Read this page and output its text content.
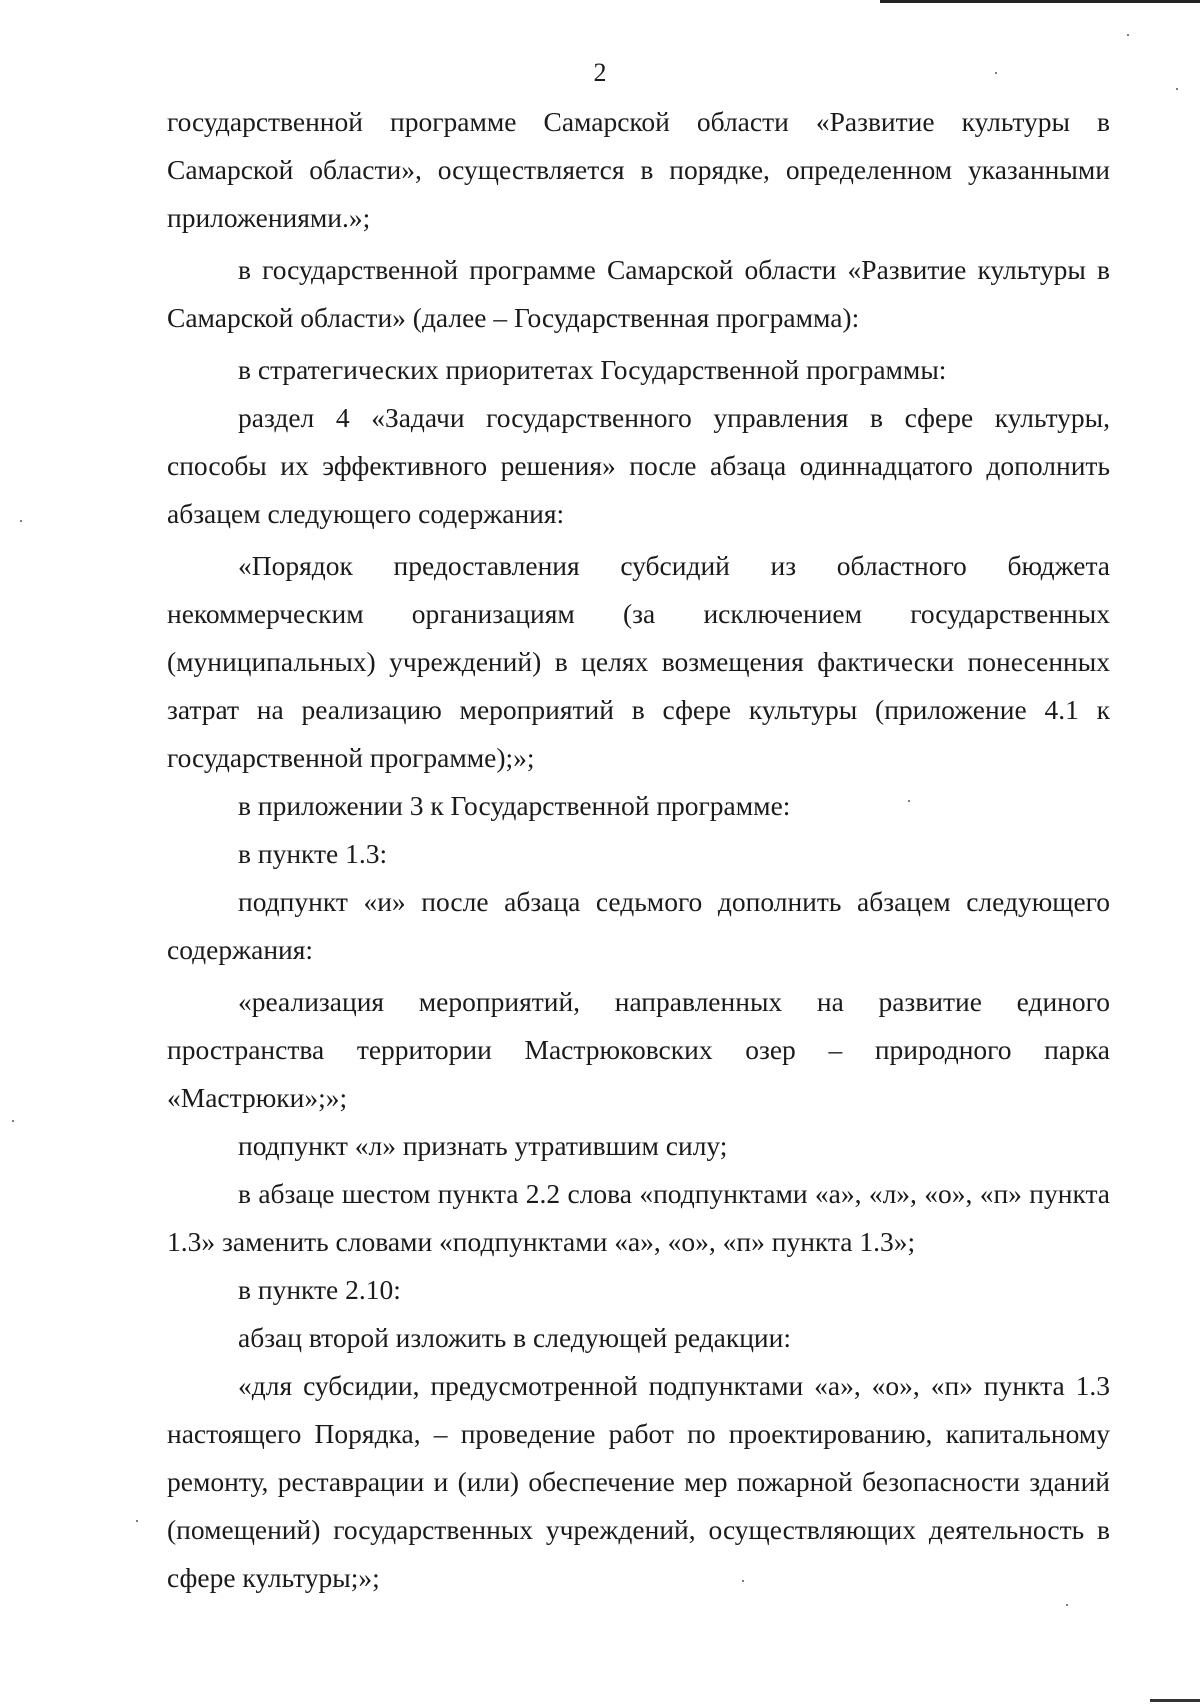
2

государственной программе Самарской области «Развитие культуры в Самарской области», осуществляется в порядке, определенном указанными приложениями.»;

в государственной программе Самарской области «Развитие культуры в Самарской области» (далее – Государственная программа):

в стратегических приоритетах Государственной программы:

раздел 4 «Задачи государственного управления в сфере культуры, способы их эффективного решения» после абзаца одиннадцатого дополнить абзацем следующего содержания:

«Порядок предоставления субсидий из областного бюджета некоммерческим организациям (за исключением государственных (муниципальных) учреждений) в целях возмещения фактически понесенных затрат на реализацию мероприятий в сфере культуры (приложение 4.1 к государственной программе);»;

в приложении 3 к Государственной программе:

в пункте 1.3:

подпункт «и» после абзаца седьмого дополнить абзацем следующего содержания:

«реализация мероприятий, направленных на развитие единого пространства территории Мастрюковских озер – природного парка «Мастрюки»;»;

подпункт «л» признать утратившим силу;

в абзаце шестом пункта 2.2 слова «подпунктами «а», «л», «о», «п» пункта 1.3» заменить словами «подпунктами «а», «о», «п» пункта 1.3»;

в пункте 2.10:

абзац второй изложить в следующей редакции:

«для субсидии, предусмотренной подпунктами «а», «о», «п» пункта 1.3 настоящего Порядка, – проведение работ по проектированию, капитальному ремонту, реставрации и (или) обеспечение мер пожарной безопасности зданий (помещений) государственных учреждений, осуществляющих деятельность в сфере культуры;»;
